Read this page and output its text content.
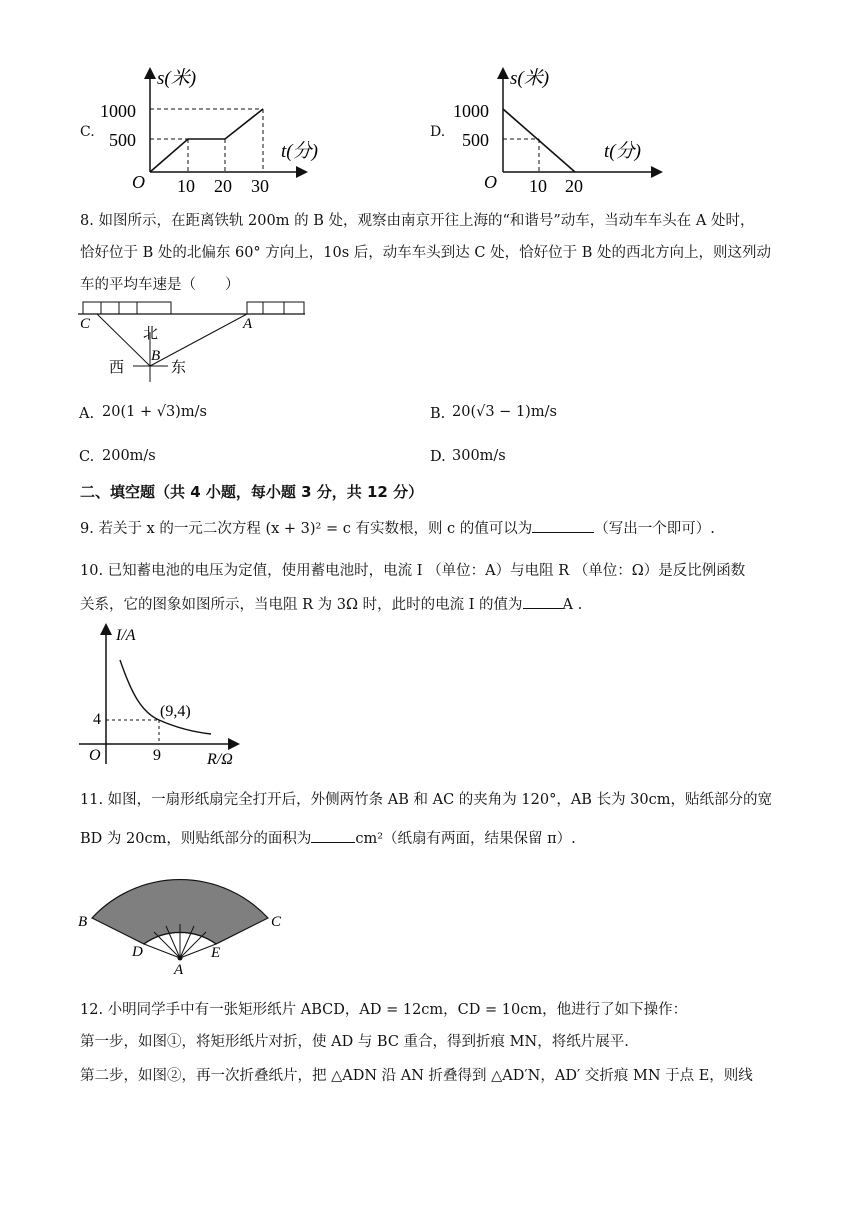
C.
s(米)
t(分)
O
1000
500
10 20 30
D.
s(米)
t(分)
O
1000
500
10 20
8. 如图所示，在距离铁轨 200m 的 B 处，观察由南京开往上海的“和谐号”动车，当动车车头在 A 处时，
恰好位于 B 处的北偏东 60° 方向上，10s 后，动车车头到达 C 处，恰好位于 B 处的西北方向上，则这列动
车的平均车速是（　　）
C	A
北
B
西	东
A. 20(1 + √3)m/s	B. 20(√3 − 1)m/s
C. 200m/s	D. 300m/s
二、填空题（共 4 小题，每小题 3 分，共 12 分）
9. 若关于 x 的一元二次方程 (x + 3)² = c 有实数根，则 c 的值可以为	（写出一个即可）.
10. 已知蓄电池的电压为定值，使用蓄电池时，电流 I （单位：A）与电阻 R （单位：Ω）是反比例函数
关系，它的图象如图所示，当电阻 R 为 3Ω 时，此时的电流 I 的值为	A .
I/A
R/Ω
O
4
9
(9,4)
11. 如图，一扇形纸扇完全打开后，外侧两竹条 AB 和 AC 的夹角为 120°，AB 长为 30cm，贴纸部分的宽
BD 为 20cm，则贴纸部分的面积为	cm²（纸扇有两面，结果保留 π）.
B	C
D	E
A
12. 小明同学手中有一张矩形纸片 ABCD，AD = 12cm，CD = 10cm，他进行了如下操作：
第一步，如图①，将矩形纸片对折，使 AD 与 BC 重合，得到折痕 MN，将纸片展平.
第二步，如图②，再一次折叠纸片，把 △ADN 沿 AN 折叠得到 △AD′N，AD′ 交折痕 MN 于点 E，则线
